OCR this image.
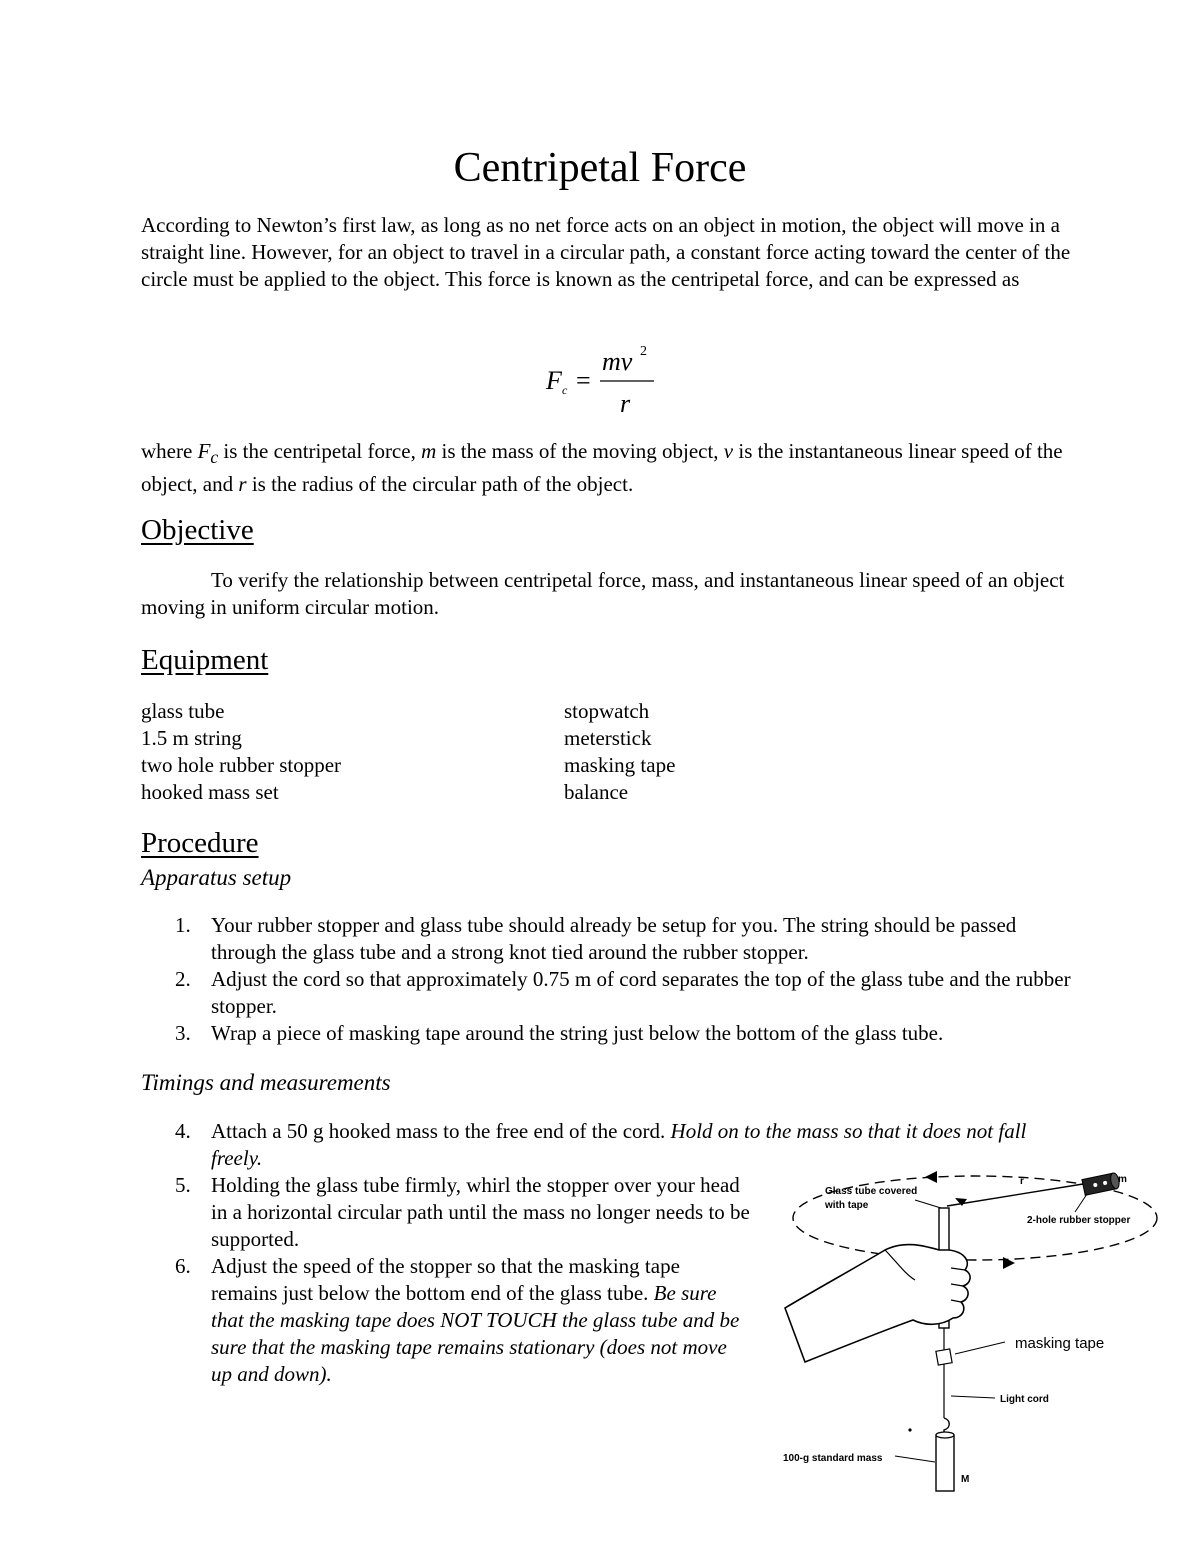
Centripetal Force

According to Newton’s first law, as long as no net force acts on an object in motion, the object will move in a straight line. However, for an object to travel in a circular path, a constant force acting toward the center of the circle must be applied to the object. This force is known as the centripetal force, and can be expressed as

F c =
mv 2
r

where $F_c$ is the centripetal force, m is the mass of the moving object, v is the instantaneous linear speed of the object, and r is the radius of the circular path of the object.

Objective

To verify the relationship between centripetal force, mass, and instantaneous linear speed of an object moving in uniform circular motion.

Equipment
glass tube
1.5 m string
two hole rubber stopper
hooked mass set
stopwatch
meterstick
masking tape
balance
Procedure
Apparatus setup
1. Your rubber stopper and glass tube should already be setup for you. The string should be passed through the glass tube and a strong knot tied around the rubber stopper.
2. Adjust the cord so that approximately 0.75 m of cord separates the top of the glass tube and the rubber stopper.
3. Wrap a piece of masking tape around the string just below the bottom of the glass tube.
Timings and measurements
4. Attach a 50 g hooked mass to the free end of the cord. Hold on to the mass so that it does not fall freely.
5. Holding the glass tube firmly, whirl the stopper over your head in a horizontal circular path until the mass no longer needs to be supported.
6. Adjust the speed of the stopper so that the masking tape remains just below the bottom end of the glass tube. Be sure that the masking tape does NOT TOUCH the glass tube and be sure that the masking tape remains stationary (does not move up and down).
r	m
2-hole rubber stopper
Glass tube covered
with tape
masking tape
Light cord
M
100-g standard mass
